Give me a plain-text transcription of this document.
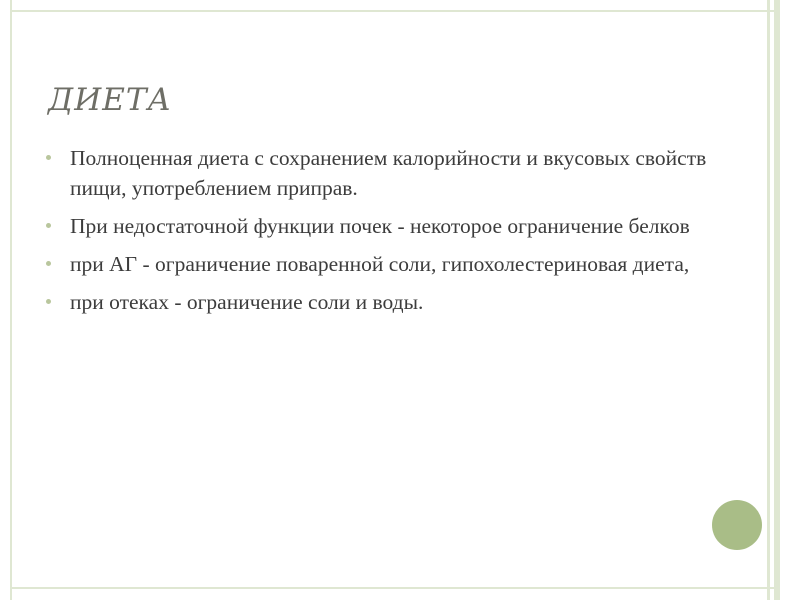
ДИЕТА
Полноценная диета с сохранением калорийности и вкусовых свойств пищи, употреблением приправ.
При недостаточной функции почек - некоторое ограничение белков
при АГ - ограничение поваренной соли, гипохолестериновая диета,
при отеках - ограничение соли и воды.
